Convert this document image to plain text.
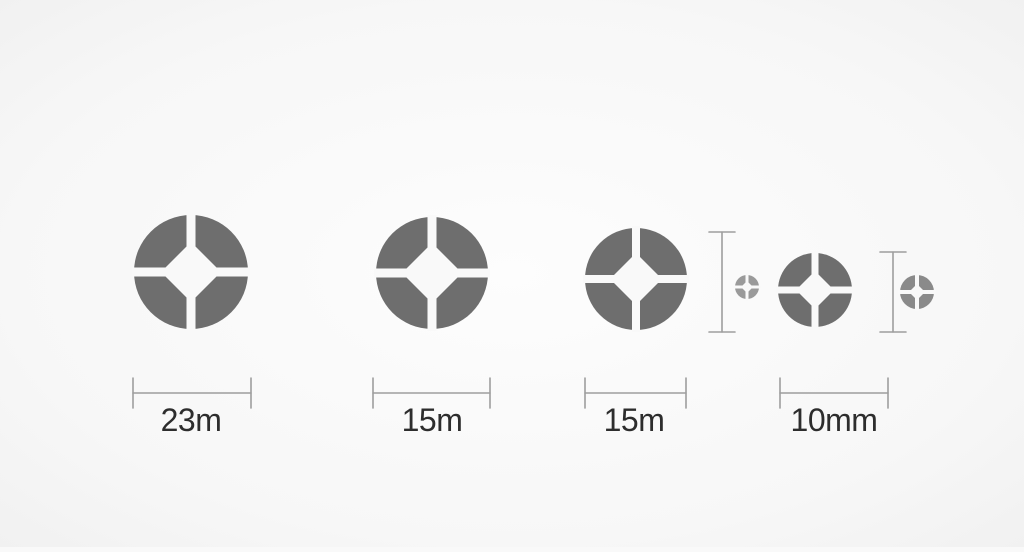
23m	15m	15m	10mm
